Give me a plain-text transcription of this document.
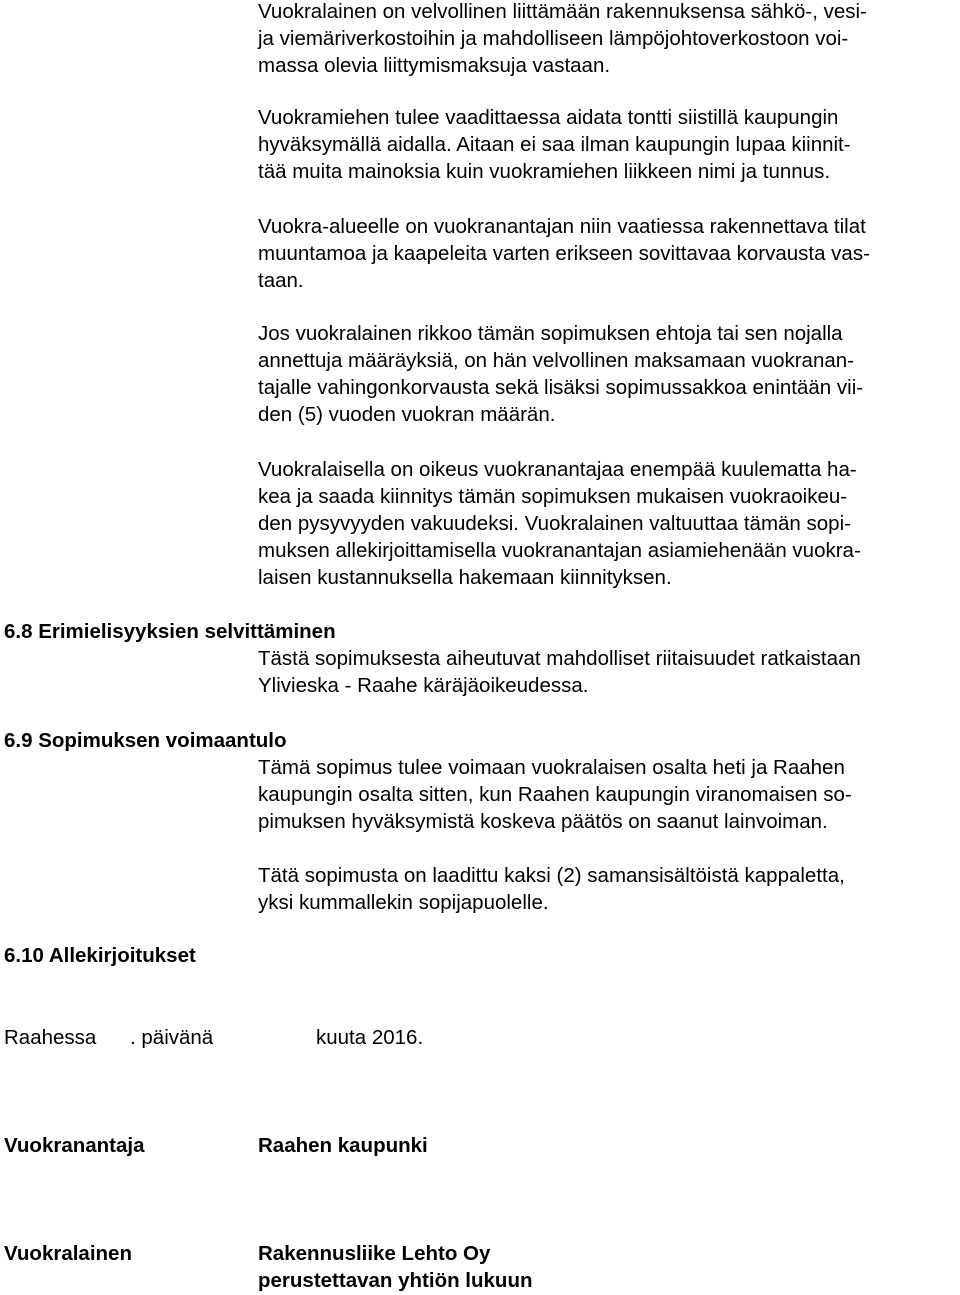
Vuokralainen on velvollinen liittämään rakennuksensa sähkö-, vesi-
ja viemäriverkostoihin ja mahdolliseen lämpöjohtoverkostoon voi-
massa olevia liittymismaksuja vastaan.
Vuokramiehen tulee vaadittaessa aidata tontti siistillä kaupungin
hyväksymällä aidalla. Aitaan ei saa ilman kaupungin lupaa kiinnit-
tää muita mainoksia kuin vuokramiehen liikkeen nimi ja tunnus.
Vuokra-alueelle on vuokranantajan niin vaatiessa rakennettava tilat
muuntamoa ja kaapeleita varten erikseen sovittavaa korvausta vas-
taan.
Jos vuokralainen rikkoo tämän sopimuksen ehtoja tai sen nojalla
annettuja määräyksiä, on hän velvollinen maksamaan vuokranan-
tajalle vahingonkorvausta sekä lisäksi sopimussakkoa enintään vii-
den (5) vuoden vuokran määrän.
Vuokralaisella on oikeus vuokranantajaa enempää kuulematta ha-
kea ja saada kiinnitys tämän sopimuksen mukaisen vuokraoikeu-
den pysyvyyden vakuudeksi. Vuokralainen valtuuttaa tämän sopi-
muksen allekirjoittamisella vuokranantajan asiamiehenään vuokra-
laisen kustannuksella hakemaan kiinnityksen.
6.8 Erimielisyyksien selvittäminen
Tästä sopimuksesta aiheutuvat mahdolliset riitaisuudet ratkaistaan
Ylivieska - Raahe käräjäoikeudessa.
6.9 Sopimuksen voimaantulo
Tämä sopimus tulee voimaan vuokralaisen osalta heti ja Raahen
kaupungin osalta sitten, kun Raahen kaupungin viranomaisen so-
pimuksen hyväksymistä koskeva päätös on saanut lainvoiman.
Tätä sopimusta on laadittu kaksi (2) samansisältöistä kappaletta,
yksi kummallekin sopijapuolelle.
6.10 Allekirjoitukset
Raahessa . päivänä	kuuta 2016.
Vuokranantaja	Raahen kaupunki
Vuokralainen	Rakennusliike Lehto Oy
perustettavan yhtiön lukuun
